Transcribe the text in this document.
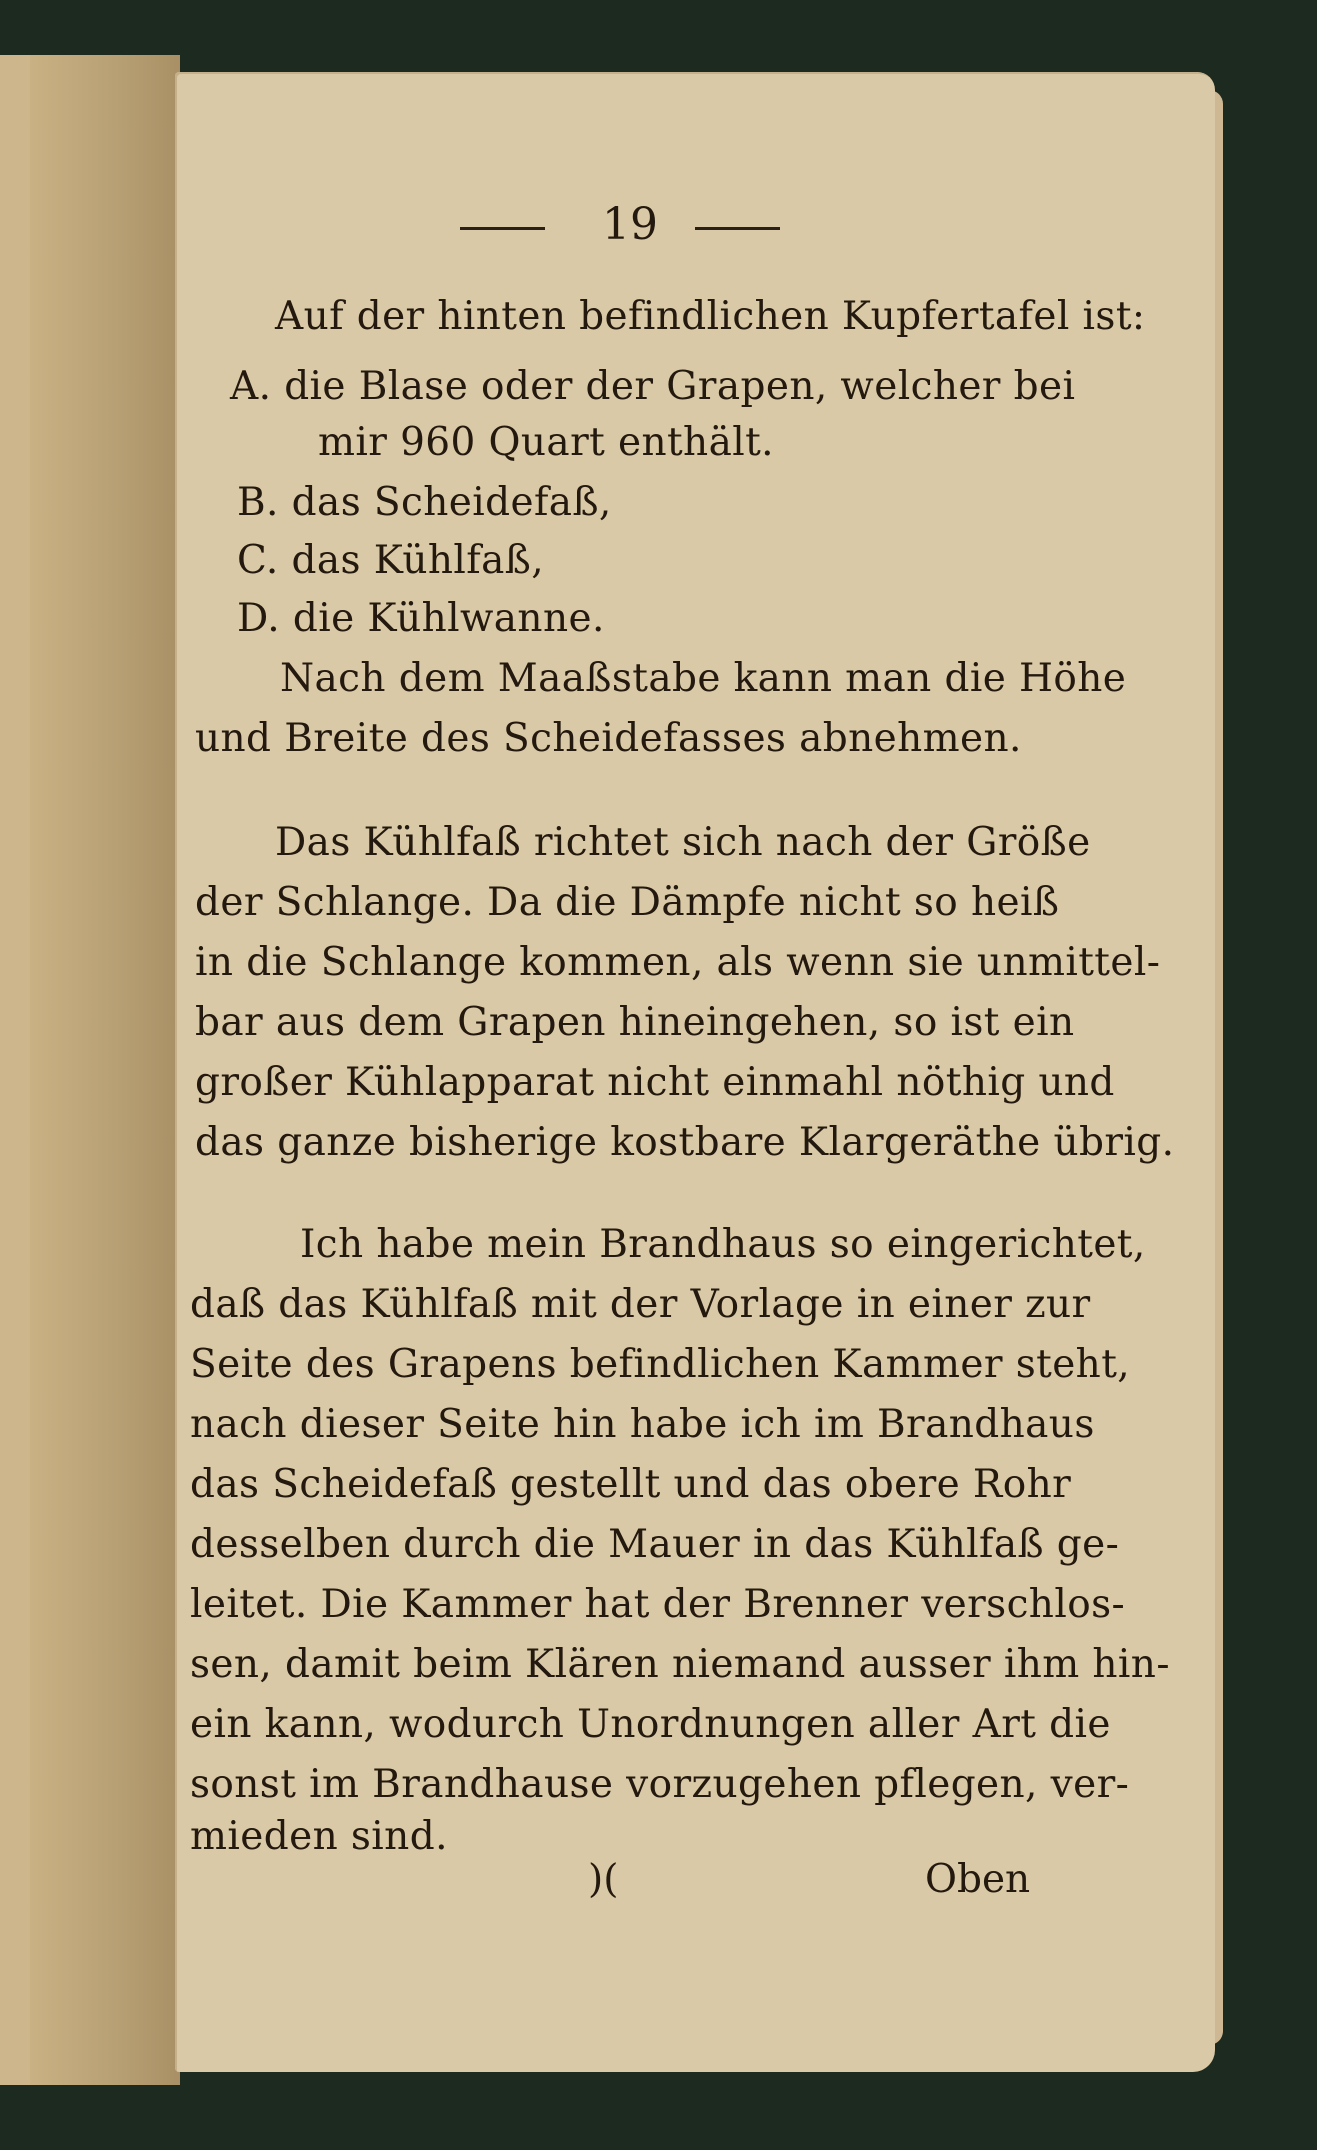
19
Auf der hinten befindlichen Kupfertafel ist:
A. die Blase oder der Grapen, welcher bei
mir 960 Quart enthält.
B. das Scheidefaß,
C. das Kühlfaß,
D. die Kühlwanne.
Nach dem Maaßstabe kann man die Höhe
und Breite des Scheidefasses abnehmen.
Das Kühlfaß richtet sich nach der Größe
der Schlange. Da die Dämpfe nicht so heiß
in die Schlange kommen, als wenn sie unmittel-
bar aus dem Grapen hineingehen, so ist ein
großer Kühlapparat nicht einmahl nöthig und
das ganze bisherige kostbare Klargeräthe übrig.
Ich habe mein Brandhaus so eingerichtet,
daß das Kühlfaß mit der Vorlage in einer zur
Seite des Grapens befindlichen Kammer steht,
nach dieser Seite hin habe ich im Brandhaus
das Scheidefaß gestellt und das obere Rohr
desselben durch die Mauer in das Kühlfaß ge-
leitet. Die Kammer hat der Brenner verschlos-
sen, damit beim Klären niemand ausser ihm hin-
ein kann, wodurch Unordnungen aller Art die
sonst im Brandhause vorzugehen pflegen, ver-
mieden sind.
)(	Oben
